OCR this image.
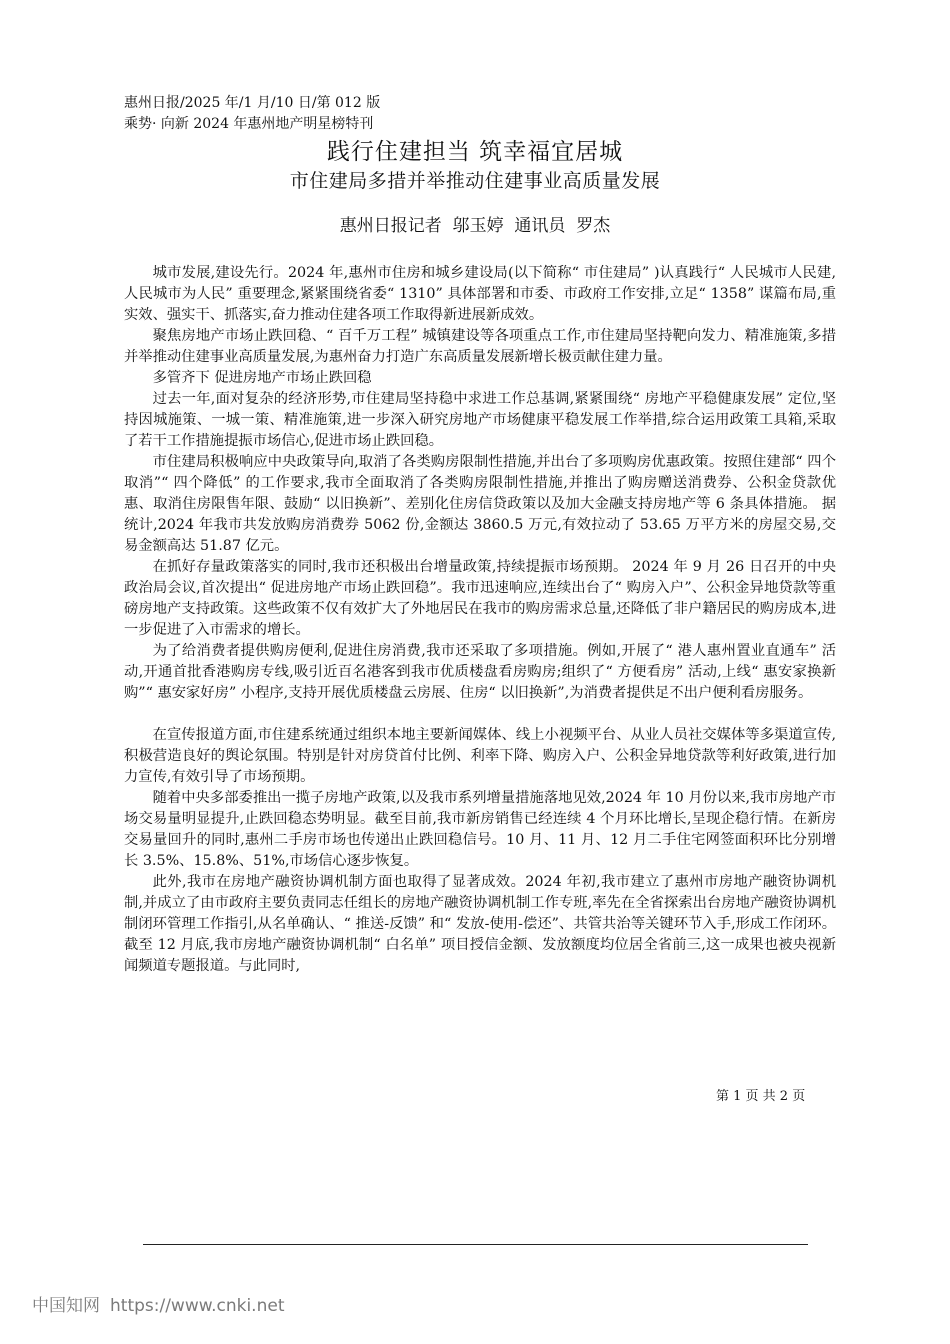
惠州日报/2025 年/1 月/10 日/第 012 版
乘势· 向新 2024 年惠州地产明星榜特刊
践行住建担当 筑幸福宜居城
市住建局多措并举推动住建事业高质量发展
惠州日报记者  邬玉婷  通讯员  罗杰

城市发展,建设先行。2024 年,惠州市住房和城乡建设局(以下简称“ 市住建局” )认真践行“ 人民城市人民建,人民城市为人民” 重要理念,紧紧围绕省委“ 1310” 具体部署和市委、市政府工作安排,立足“ 1358” 谋篇布局,重实效、强实干、抓落实,奋力推动住建各项工作取得新进展新成效。

聚焦房地产市场止跌回稳、“ 百千万工程” 城镇建设等各项重点工作,市住建局坚持靶向发力、精准施策,多措并举推动住建事业高质量发展,为惠州奋力打造广东高质量发展新增长极贡献住建力量。

多管齐下 促进房地产市场止跌回稳

过去一年,面对复杂的经济形势,市住建局坚持稳中求进工作总基调,紧紧围绕“ 房地产平稳健康发展” 定位,坚持因城施策、一城一策、精准施策,进一步深入研究房地产市场健康平稳发展工作举措,综合运用政策工具箱,采取了若干工作措施提振市场信心,促进市场止跌回稳。

市住建局积极响应中央政策导向,取消了各类购房限制性措施,并出台了多项购房优惠政策。按照住建部“ 四个取消”“ 四个降低” 的工作要求,我市全面取消了各类购房限制性措施,并推出了购房赠送消费券、公积金贷款优惠、取消住房限售年限、鼓励“ 以旧换新”、差别化住房信贷政策以及加大金融支持房地产等 6 条具体措施。 据统计,2024 年我市共发放购房消费券 5062 份,金额达 3860.5 万元,有效拉动了 53.65 万平方米的房屋交易,交易金额高达 51.87 亿元。

在抓好存量政策落实的同时,我市还积极出台增量政策,持续提振市场预期。 2024 年 9 月 26 日召开的中央政治局会议,首次提出“ 促进房地产市场止跌回稳”。我市迅速响应,连续出台了“ 购房入户”、公积金异地贷款等重磅房地产支持政策。这些政策不仅有效扩大了外地居民在我市的购房需求总量,还降低了非户籍居民的购房成本,进一步促进了入市需求的增长。

为了给消费者提供购房便利,促进住房消费,我市还采取了多项措施。例如,开展了“ 港人惠州置业直通车” 活动,开通首批香港购房专线,吸引近百名港客到我市优质楼盘看房购房;组织了“ 方便看房” 活动,上线“ 惠安家换新购”“ 惠安家好房” 小程序,支持开展优质楼盘云房展、住房“ 以旧换新”,为消费者提供足不出户便利看房服务。

在宣传报道方面,市住建系统通过组织本地主要新闻媒体、线上小视频平台、从业人员社交媒体等多渠道宣传,积极营造良好的舆论氛围。特别是针对房贷首付比例、利率下降、购房入户、公积金异地贷款等利好政策,进行加力宣传,有效引导了市场预期。

随着中央多部委推出一揽子房地产政策,以及我市系列增量措施落地见效,2024 年 10 月份以来,我市房地产市场交易量明显提升,止跌回稳态势明显。截至目前,我市新房销售已经连续 4 个月环比增长,呈现企稳行情。在新房交易量回升的同时,惠州二手房市场也传递出止跌回稳信号。10 月、11 月、12 月二手住宅网签面积环比分别增长 3.5%、15.8%、51%,市场信心逐步恢复。

此外,我市在房地产融资协调机制方面也取得了显著成效。2024 年初,我市建立了惠州市房地产融资协调机制,并成立了由市政府主要负责同志任组长的房地产融资协调机制工作专班,率先在全省探索出台房地产融资协调机制闭环管理工作指引,从名单确认、“ 推送-反馈” 和“ 发放-使用-偿还”、共管共治等关键环节入手,形成工作闭环。截至 12 月底,我市房地产融资协调机制“ 白名单” 项目授信金额、发放额度均位居全省前三,这一成果也被央视新闻频道专题报道。与此同时,

第 1 页 共 2 页
中国知网 https://www.cnki.net
